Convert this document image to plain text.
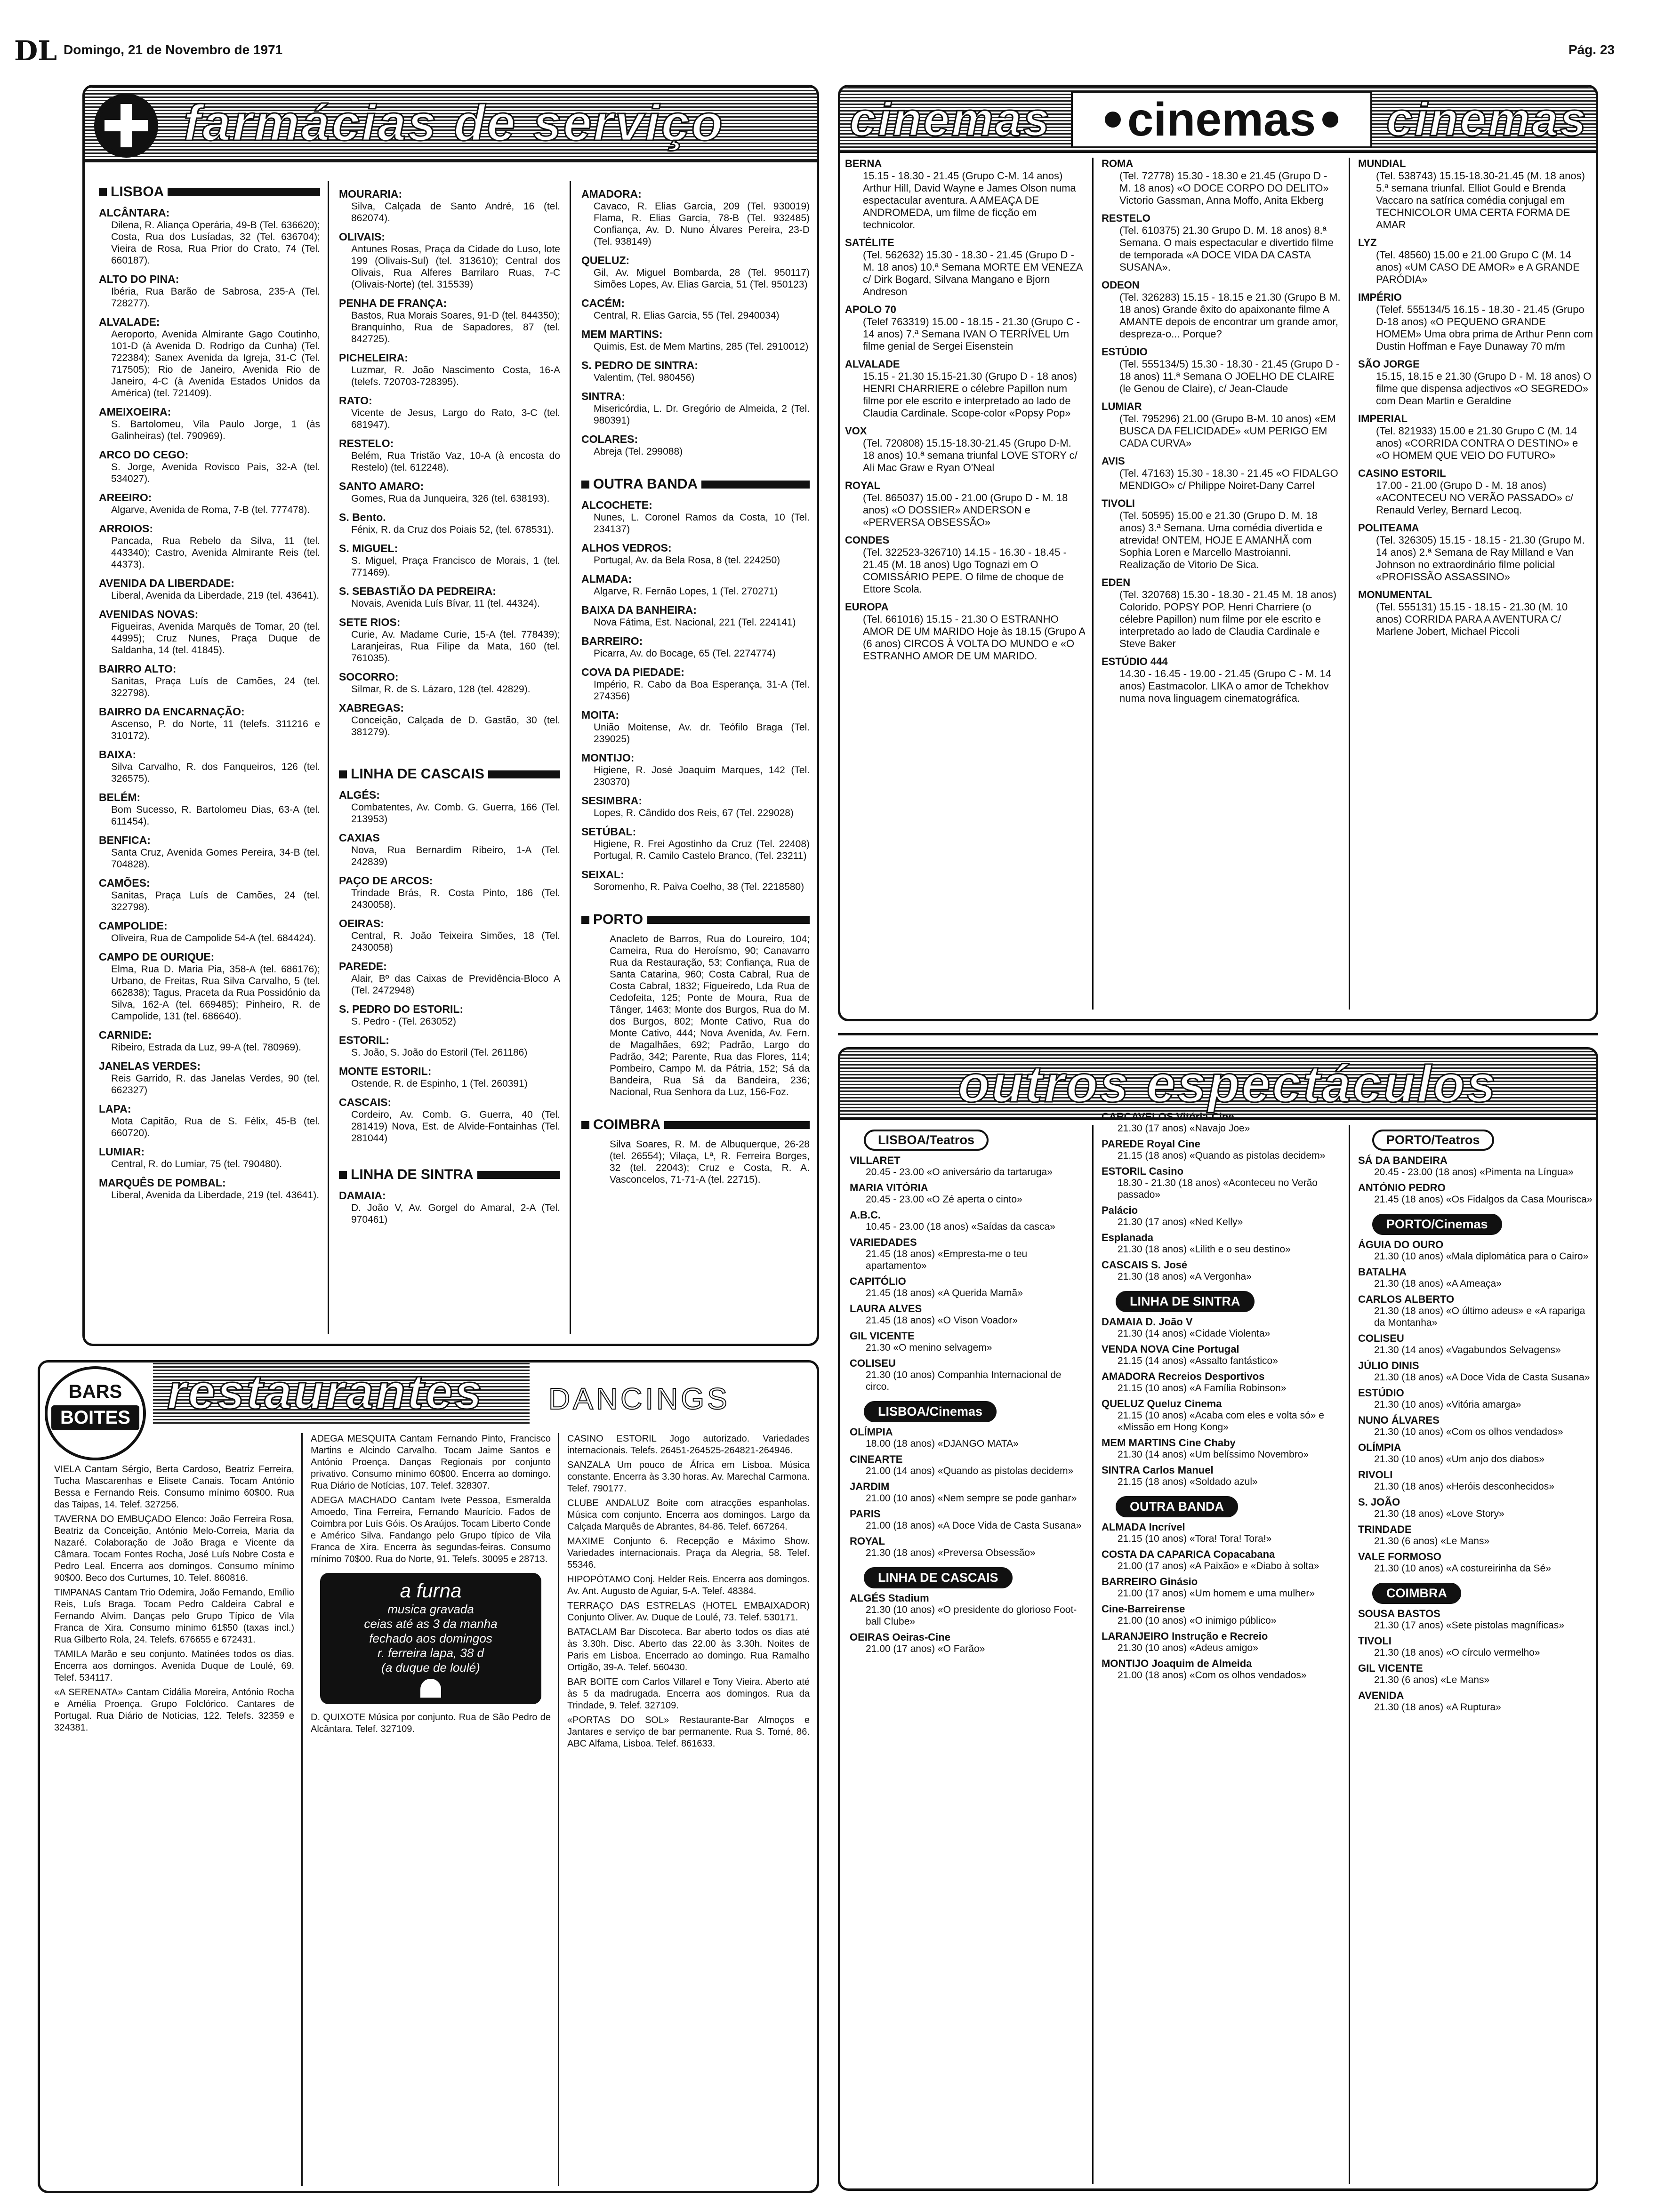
DL Domingo, 21 de Novembro de 1971	Pág. 23
farmácias de serviço
LISBOA
ALCÂNTARA:
Dilena, R. Aliança Operária, 49-B (Tel. 636620); Costa, Rua dos Lusíadas, 32 (Tel. 636704); Vieira de Rosa, Rua Prior do Crato, 74 (Tel. 660187).
ALTO DO PINA:
Ibéria, Rua Barão de Sabrosa, 235-A (Tel. 728277).
ALVALADE:
Aeroporto, Avenida Almirante Gago Coutinho, 101-D (à Avenida D. Rodrigo da Cunha) (Tel. 722384); Sanex Avenida da Igreja, 31-C (Tel. 717505); Rio de Janeiro, Avenida Rio de Janeiro, 4-C (à Avenida Estados Unidos da América) (tel. 721409).
AMEIXOEIRA:
S. Bartolomeu, Vila Paulo Jorge, 1 (às Galinheiras) (tel. 790969).
ARCO DO CEGO:
S. Jorge, Avenida Rovisco Pais, 32-A (tel. 534027).
AREEIRO:
Algarve, Avenida de Roma, 7-B (tel. 777478).
ARROIOS:
Pancada, Rua Rebelo da Silva, 11 (tel. 443340); Castro, Avenida Almirante Reis (tel. 44373).
AVENIDA DA LIBERDADE:
Liberal, Avenida da Liberdade, 219 (tel. 43641).
AVENIDAS NOVAS:
Figueiras, Avenida Marquês de Tomar, 20 (tel. 44995); Cruz Nunes, Praça Duque de Saldanha, 14 (tel. 41845).
BAIRRO ALTO:
Sanitas, Praça Luís de Camões, 24 (tel. 322798).
BAIRRO DA ENCARNAÇÃO:
Ascenso, P. do Norte, 11 (telefs. 311216 e 310172).
BAIXA:
Silva Carvalho, R. dos Fanqueiros, 126 (tel. 326575).
BELÉM:
Bom Sucesso, R. Bartolomeu Dias, 63-A (tel. 611454).
BENFICA:
Santa Cruz, Avenida Gomes Pereira, 34-B (tel. 704828).
CAMÕES:
Sanitas, Praça Luís de Camões, 24 (tel. 322798).
CAMPOLIDE:
Oliveira, Rua de Campolide 54-A (tel. 684424).
CAMPO DE OURIQUE:
Elma, Rua D. Maria Pia, 358-A (tel. 686176); Urbano, de Freitas, Rua Silva Carvalho, 5 (tel. 662838); Tagus, Praceta da Rua Possidónio da Silva, 162-A (tel. 669485); Pinheiro, R. de Campolide, 131 (tel. 686640).
CARNIDE:
Ribeiro, Estrada da Luz, 99-A (tel. 780969).
JANELAS VERDES:
Reis Garrido, R. das Janelas Verdes, 90 (tel. 662327)
LAPA:
Mota Capitão, Rua de S. Félix, 45-B (tel. 660720).
LUMIAR:
Central, R. do Lumiar, 75 (tel. 790480).
MARQUÊS DE POMBAL:
Liberal, Avenida da Liberdade, 219 (tel. 43641).
MOURARIA:
Silva, Calçada de Santo André, 16 (tel. 862074).
OLIVAIS:
Antunes Rosas, Praça da Cidade do Luso, lote 199 (Olivais-Sul) (tel. 313610); Central dos Olivais, Rua Alferes Barrilaro Ruas, 7-C (Olivais-Norte) (tel. 315539)
PENHA DE FRANÇA:
Bastos, Rua Morais Soares, 91-D (tel. 844350); Branquinho, Rua de Sapadores, 87 (tel. 842725).
PICHELEIRA:
Luzmar, R. João Nascimento Costa, 16-A (telefs. 720703-728395).
RATO:
Vicente de Jesus, Largo do Rato, 3-C (tel. 681947).
RESTELO:
Belém, Rua Tristão Vaz, 10-A (à encosta do Restelo) (tel. 612248).
SANTO AMARO:
Gomes, Rua da Junqueira, 326 (tel. 638193).
S. Bento.
Fénix, R. da Cruz dos Poiais 52, (tel. 678531).
S. MIGUEL:
S. Miguel, Praça Francisco de Morais, 1 (tel. 771469).
S. SEBASTIÃO DA PEDREIRA:
Novais, Avenida Luís Bívar, 11 (tel. 44324).
SETE RIOS:
Curie, Av. Madame Curie, 15-A (tel. 778439); Laranjeiras, Rua Filipe da Mata, 160 (tel. 761035).
SOCORRO:
Silmar, R. de S. Lázaro, 128 (tel. 42829).
XABREGAS:
Conceição, Calçada de D. Gastão, 30 (tel. 381279).
LINHA DE CASCAIS
ALGÉS:
Combatentes, Av. Comb. G. Guerra, 166 (Tel. 213953)
CAXIAS
Nova, Rua Bernardim Ribeiro, 1-A (Tel. 242839)
PAÇO DE ARCOS:
Trindade Brás, R. Costa Pinto, 186 (Tel. 2430058).
OEIRAS:
Central, R. João Teixeira Simões, 18 (Tel. 2430058)
PAREDE:
Alair, Bº das Caixas de Previdência-Bloco A (Tel. 2472948)
S. PEDRO DO ESTORIL:
S. Pedro - (Tel. 263052)
ESTORIL:
S. João, S. João do Estoril (Tel. 261186)
MONTE ESTORIL:
Ostende, R. de Espinho, 1 (Tel. 260391)
CASCAIS:
Cordeiro, Av. Comb. G. Guerra, 40 (Tel. 281419) Nova, Est. de Alvide-Fontainhas (Tel. 281044)
LINHA DE SINTRA
DAMAIA:
D. João V, Av. Gorgel do Amaral, 2-A (Tel. 970461)
AMADORA:
Cavaco, R. Elias Garcia, 209 (Tel. 930019) Flama, R. Elias Garcia, 78-B (Tel. 932485) Confiança, Av. D. Nuno Álvares Pereira, 23-D (Tel. 938149)
QUELUZ:
Gil, Av. Miguel Bombarda, 28 (Tel. 950117) Simões Lopes, Av. Elias Garcia, 51 (Tel. 950123)
CACÉM:
Central, R. Elias Garcia, 55 (Tel. 2940034)
MEM MARTINS:
Quimis, Est. de Mem Martins, 285 (Tel. 2910012)
S. PEDRO DE SINTRA:
Valentim, (Tel. 980456)
SINTRA:
Misericórdia, L. Dr. Gregório de Almeida, 2 (Tel. 980391)
COLARES:
Abreja (Tel. 299088)
OUTRA BANDA
ALCOCHETE:
Nunes, L. Coronel Ramos da Costa, 10 (Tel. 234137)
ALHOS VEDROS:
Portugal, Av. da Bela Rosa, 8 (tel. 224250)
ALMADA:
Algarve, R. Fernão Lopes, 1 (Tel. 270271)
BAIXA DA BANHEIRA:
Nova Fátima, Est. Nacional, 221 (Tel. 224141)
BARREIRO:
Picarra, Av. do Bocage, 65 (Tel. 2274774)
COVA DA PIEDADE:
Império, R. Cabo da Boa Esperança, 31-A (Tel. 274356)
MOITA:
União Moitense, Av. dr. Teófilo Braga (Tel. 239025)
MONTIJO:
Higiene, R. José Joaquim Marques, 142 (Tel. 230370)
SESIMBRA:
Lopes, R. Cândido dos Reis, 67 (Tel. 229028)
SETÚBAL:
Higiene, R. Frei Agostinho da Cruz (Tel. 22408) Portugal, R. Camilo Castelo Branco, (Tel. 23211)
SEIXAL:
Soromenho, R. Paiva Coelho, 38 (Tel. 2218580)
PORTO
Anacleto de Barros, Rua do Loureiro, 104; Cameira, Rua do Heroísmo, 90; Canavarro Rua da Restauração, 53; Confiança, Rua de Santa Catarina, 960; Costa Cabral, Rua de Costa Cabral, 1832; Figueiredo, Lda Rua de Cedofeita, 125; Ponte de Moura, Rua de Tânger, 1463; Monte dos Burgos, Rua do M. dos Burgos, 802; Monte Cativo, Rua do Monte Cativo, 444; Nova Avenida, Av. Fern. de Magalhães, 692; Padrão, Largo do Padrão, 342; Parente, Rua das Flores, 114; Pombeiro, Campo M. da Pátria, 152; Sá da Bandeira, Rua Sá da Bandeira, 236; Nacional, Rua Senhora da Luz, 156-Foz.
COIMBRA
Silva Soares, R. M. de Albuquerque, 26-28 (tel. 26554); Vilaça, Lª, R. Ferreira Borges, 32 (tel. 22043); Cruz e Costa, R. A. Vasconcelos, 71-71-A (tel. 22715).
cinemas cinemas cinemas
BERNA
15.15 - 18.30 - 21.45 (Grupo C-M. 14 anos) Arthur Hill, David Wayne e James Olson numa espectacular aventura. A AMEAÇA DE ANDROMEDA, um filme de ficção em technicolor.
SATÉLITE
(Tel. 562632) 15.30 - 18.30 - 21.45 (Grupo D - M. 18 anos) 10.ª Semana MORTE EM VENEZA c/ Dirk Bogard, Silvana Mangano e Bjorn Andreson
APOLO 70
(Telef 763319) 15.00 - 18.15 - 21.30 (Grupo C - 14 anos) 7.ª Semana IVAN O TERRÍVEL Um filme genial de Sergei Eisenstein
ALVALADE
15.15 - 21.30 15.15-21.30 (Grupo D - 18 anos) HENRI CHARRIERE o célebre Papillon num filme por ele escrito e interpretado ao lado de Claudia Cardinale. Scope-color «Popsy Pop»
VOX
(Tel. 720808) 15.15-18.30-21.45 (Grupo D-M. 18 anos) 10.ª semana triunfal LOVE STORY c/ Ali Mac Graw e Ryan O'Neal
ROYAL
(Tel. 865037) 15.00 - 21.00 (Grupo D - M. 18 anos) «O DOSSIER» ANDERSON e «PERVERSA OBSESSÃO»
CONDES
(Tel. 322523-326710) 14.15 - 16.30 - 18.45 - 21.45 (M. 18 anos) Ugo Tognazi em O COMISSÁRIO PEPE. O filme de choque de Ettore Scola.
EUROPA
(Tel. 661016) 15.15 - 21.30 O ESTRANHO AMOR DE UM MARIDO Hoje às 18.15 (Grupo A (6 anos) CIRCOS À VOLTA DO MUNDO e «O ESTRANHO AMOR DE UM MARIDO.
ROMA
(Tel. 72778) 15.30 - 18.30 e 21.45 (Grupo D - M. 18 anos) «O DOCE CORPO DO DELITO» Victorio Gassman, Anna Moffo, Anita Ekberg
RESTELO
(Tel. 610375) 21.30 Grupo D. M. 18 anos) 8.ª Semana. O mais espectacular e divertido filme de temporada «A DOCE VIDA DA CASTA SUSANA».
ODEON
(Tel. 326283) 15.15 - 18.15 e 21.30 (Grupo B M. 18 anos) Grande êxito do apaixonante filme A AMANTE depois de encontrar um grande amor, despreza-o... Porque?
ESTÚDIO
(Tel. 555134/5) 15.30 - 18.30 - 21.45 (Grupo D - 18 anos) 11.ª Semana O JOELHO DE CLAIRE (le Genou de Claire), c/ Jean-Claude
LUMIAR
(Tel. 795296) 21.00 (Grupo B-M. 10 anos) «EM BUSCA DA FELICIDADE» «UM PERIGO EM CADA CURVA»
AVIS
(Tel. 47163) 15.30 - 18.30 - 21.45 «O FIDALGO MENDIGO» c/ Philippe Noiret-Dany Carrel
TIVOLI
(Tel. 50595) 15.00 e 21.30 (Grupo D. M. 18 anos) 3.ª Semana. Uma comédia divertida e atrevida! ONTEM, HOJE E AMANHÃ com Sophia Loren e Marcello Mastroianni. Realização de Vitorio De Sica.
EDEN
(Tel. 320768) 15.30 - 18.30 - 21.45 M. 18 anos) Colorido. POPSY POP. Henri Charriere (o célebre Papillon) num filme por ele escrito e interpretado ao lado de Claudia Cardinale e Steve Baker
ESTÚDIO 444
14.30 - 16.45 - 19.00 - 21.45 (Grupo C - M. 14 anos) Eastmacolor. LIKA o amor de Tchekhov numa nova linguagem cinematográfica.
MUNDIAL
(Tel. 538743) 15.15-18.30-21.45 (M. 18 anos) 5.ª semana triunfal. Elliot Gould e Brenda Vaccaro na satírica comédia conjugal em TECHNICOLOR UMA CERTA FORMA DE AMAR
LYZ
(Tel. 48560) 15.00 e 21.00 Grupo C (M. 14 anos) «UM CASO DE AMOR» e A GRANDE PARÓDIA»
IMPÉRIO
(Telef. 555134/5 16.15 - 18.30 - 21.45 (Grupo D-18 anos) «O PEQUENO GRANDE HOMEM» Uma obra prima de Arthur Penn com Dustin Hoffman e Faye Dunaway 70 m/m
SÃO JORGE
15.15, 18.15 e 21.30 (Grupo D - M. 18 anos) O filme que dispensa adjectivos «O SEGREDO» com Dean Martin e Geraldine
IMPERIAL
(Tel. 821933) 15.00 e 21.30 Grupo C (M. 14 anos) «CORRIDA CONTRA O DESTINO» e «O HOMEM QUE VEIO DO FUTURO»
CASINO ESTORIL
17.00 - 21.00 (Grupo D - M. 18 anos) «ACONTECEU NO VERÃO PASSADO» c/ Renauld Verley, Bernard Lecoq.
POLITEAMA
(Tel. 326305) 15.15 - 18.15 - 21.30 (Grupo M. 14 anos) 2.ª Semana de Ray Milland e Van Johnson no extraordinário filme policial «PROFISSÃO ASSASSINO»
MONUMENTAL
(Tel. 555131) 15.15 - 18.15 - 21.30 (M. 10 anos) CORRIDA PARA A AVENTURA C/ Marlene Jobert, Michael Piccoli
outros espectáculos
LISBOA/Teatros
VILLARET
20.45 - 23.00 «O aniversário da tartaruga»
MARIA VITÓRIA
20.45 - 23.00 «O Zé aperta o cinto»
A.B.C.
10.45 - 23.00 (18 anos) «Saídas da casca»
VARIEDADES
21.45 (18 anos) «Empresta-me o teu apartamento»
CAPITÓLIO
21.45 (18 anos) «A Querida Mamã»
LAURA ALVES
21.45 (18 anos) «O Vison Voador»
GIL VICENTE
21.30 «O menino selvagem»
COLISEU
21.30 (10 anos) Companhia Internacional de circo.
LISBOA/Cinemas
OLÍMPIA
18.00 (18 anos) «DJANGO MATA»
CINEARTE
21.00 (14 anos) «Quando as pistolas decidem»
JARDIM
21.00 (10 anos) «Nem sempre se pode ganhar»
PARIS
21.00 (18 anos) «A Doce Vida de Casta Susana»
ROYAL
21.30 (18 anos) «Preversa Obsessão»
LINHA DE CASCAIS
ALGÉS Stadium
21.30 (10 anos) «O presidente do glorioso Foot-ball Clube»
OEIRAS Oeiras-Cine
21.00 (17 anos) «O Farão»
CARCAVELOS Vitória-Cine
21.30 (17 anos) «Navajo Joe»
PAREDE Royal Cine
21.15 (18 anos) «Quando as pistolas decidem»
ESTORIL Casino
18.30 - 21.30 (18 anos) «Aconteceu no Verão passado»
Palácio
21.30 (17 anos) «Ned Kelly»
Esplanada
21.30 (18 anos) «Lilith e o seu destino»
CASCAIS S. José
21.30 (18 anos) «A Vergonha»
LINHA DE SINTRA
DAMAIA D. João V
21.30 (14 anos) «Cidade Violenta»
VENDA NOVA Cine Portugal
21.15 (14 anos) «Assalto fantástico»
AMADORA Recreios Desportivos
21.15 (10 anos) «A Família Robinson»
QUELUZ Queluz Cinema
21.15 (10 anos) «Acaba com eles e volta só» e «Missão em Hong Kong»
MEM MARTINS Cine Chaby
21.30 (14 anos) «Um belíssimo Novembro»
SINTRA Carlos Manuel
21.15 (18 anos) «Soldado azul»
OUTRA BANDA
ALMADA Incrível
21.15 (10 anos) «Tora! Tora! Tora!»
COSTA DA CAPARICA Copacabana
21.00 (17 anos) «A Paixão» e «Diabo à solta»
BARREIRO Ginásio
21.00 (17 anos) «Um homem e uma mulher»
Cine-Barreirense
21.00 (10 anos) «O inimigo público»
LARANJEIRO Instrução e Recreio
21.30 (10 anos) «Adeus amigo»
MONTIJO Joaquim de Almeida
21.00 (18 anos) «Com os olhos vendados»
PORTO/Teatros
SÁ DA BANDEIRA
20.45 - 23.00 (18 anos) «Pimenta na Língua»
ANTÓNIO PEDRO
21.45 (18 anos) «Os Fidalgos da Casa Mourisca»
PORTO/Cinemas
ÁGUIA DO OURO
21.30 (10 anos) «Mala diplomática para o Cairo»
BATALHA
21.30 (18 anos) «A Ameaça»
CARLOS ALBERTO
21.30 (18 anos) «O último adeus» e «A rapariga da Montanha»
COLISEU
21.30 (14 anos) «Vagabundos Selvagens»
JÚLIO DINIS
21.30 (18 anos) «A Doce Vida de Casta Susana»
ESTÚDIO
21.30 (10 anos) «Vitória amarga»
NUNO ÁLVARES
21.30 (10 anos) «Com os olhos vendados»
OLÍMPIA
21.30 (10 anos) «Um anjo dos diabos»
RIVOLI
21.30 (18 anos) «Heróis desconhecidos»
S. JOÃO
21.30 (18 anos) «Love Story»
TRINDADE
21.30 (6 anos) «Le Mans»
VALE FORMOSO
21.30 (10 anos) «A costureirinha da Sé»
COIMBRA
SOUSA BASTOS
21.30 (17 anos) «Sete pistolas magníficas»
TIVOLI
21.30 (18 anos) «O círculo vermelho»
GIL VICENTE
21.30 (6 anos) «Le Mans»
AVENIDA
21.30 (18 anos) «A Ruptura»
restaurantes DANCINGS
BARS
BOITES
VIELA Cantam Sérgio, Berta Cardoso, Beatriz Ferreira, Tucha Mascarenhas e Elisete Canais. Tocam António Bessa e Fernando Reis. Consumo mínimo 60$00. Rua das Taipas, 14. Telef. 327256.
TAVERNA DO EMBUÇADO Elenco: João Ferreira Rosa, Beatriz da Conceição, António Melo-Correia, Maria da Nazaré. Colaboração de João Braga e Vicente da Câmara. Tocam Fontes Rocha, José Luís Nobre Costa e Pedro Leal. Encerra aos domingos. Consumo mínimo 90$00. Beco dos Curtumes, 10. Telef. 860816.
TIMPANAS Cantam Trio Odemira, João Fernando, Emílio Reis, Luís Braga. Tocam Pedro Caldeira Cabral e Fernando Alvim. Danças pelo Grupo Típico de Vila Franca de Xira. Consumo mínimo 61$50 (taxas incl.) Rua Gilberto Rola, 24. Telefs. 676655 e 672431.
TAMILA Marão e seu conjunto. Matinées todos os dias. Encerra aos domingos. Avenida Duque de Loulé, 69. Telef. 534117.
«A SERENATA» Cantam Cidália Moreira, António Rocha e Amélia Proença. Grupo Folclórico. Cantares de Portugal. Rua Diário de Notícias, 122. Telefs. 32359 e 324381.
ADEGA MESQUITA Cantam Fernando Pinto, Francisco Martins e Alcindo Carvalho. Tocam Jaime Santos e António Proença. Danças Regionais por conjunto privativo. Consumo mínimo 60$00. Encerra ao domingo. Rua Diário de Notícias, 107. Telef. 328307.
ADEGA MACHADO Cantam Ivete Pessoa, Esmeralda Amoedo, Tina Ferreira, Fernando Maurício. Fados de Coimbra por Luís Góis. Os Araújos. Tocam Liberto Conde e Américo Silva. Fandango pelo Grupo típico de Vila Franca de Xira. Encerra às segundas-feiras. Consumo mínimo 70$00. Rua do Norte, 91. Telefs. 30095 e 28713.
a furna
musica gravada
ceias até as 3 da manha
fechado aos domingos
r. ferreira lapa, 38 d
(a duque de loulé)
D. QUIXOTE Música por conjunto. Rua de São Pedro de Alcântara. Telef. 327109.
CASINO ESTORIL Jogo autorizado. Variedades internacionais. Telefs. 26451-264525-264821-264946.
SANZALA Um pouco de África em Lisboa. Música constante. Encerra às 3.30 horas. Av. Marechal Carmona. Telef. 790177.
CLUBE ANDALUZ Boite com atracções espanholas. Música com conjunto. Encerra aos domingos. Largo da Calçada Marquês de Abrantes, 84-86. Telef. 667264.
MAXIME Conjunto 6. Recepção e Máximo Show. Variedades internacionais. Praça da Alegria, 58. Telef. 55346.
HIPOPÓTAMO Conj. Helder Reis. Encerra aos domingos. Av. Ant. Augusto de Aguiar, 5-A. Telef. 48384.
TERRAÇO DAS ESTRELAS (HOTEL EMBAIXADOR) Conjunto Oliver. Av. Duque de Loulé, 73. Telef. 530171.
BATACLAM Bar Discoteca. Bar aberto todos os dias até às 3.30h. Disc. Aberto das 22.00 às 3.30h. Noites de Paris em Lisboa. Encerrado ao domingo. Rua Ramalho Ortigão, 39-A. Telef. 560430.
BAR BOITE com Carlos Villarel e Tony Vieira. Aberto até às 5 da madrugada. Encerra aos domingos. Rua da Trindade, 9. Telef. 327109.
«PORTAS DO SOL» Restaurante-Bar Almoços e Jantares e serviço de bar permanente. Rua S. Tomé, 86. ABC Alfama, Lisboa. Telef. 861633.
